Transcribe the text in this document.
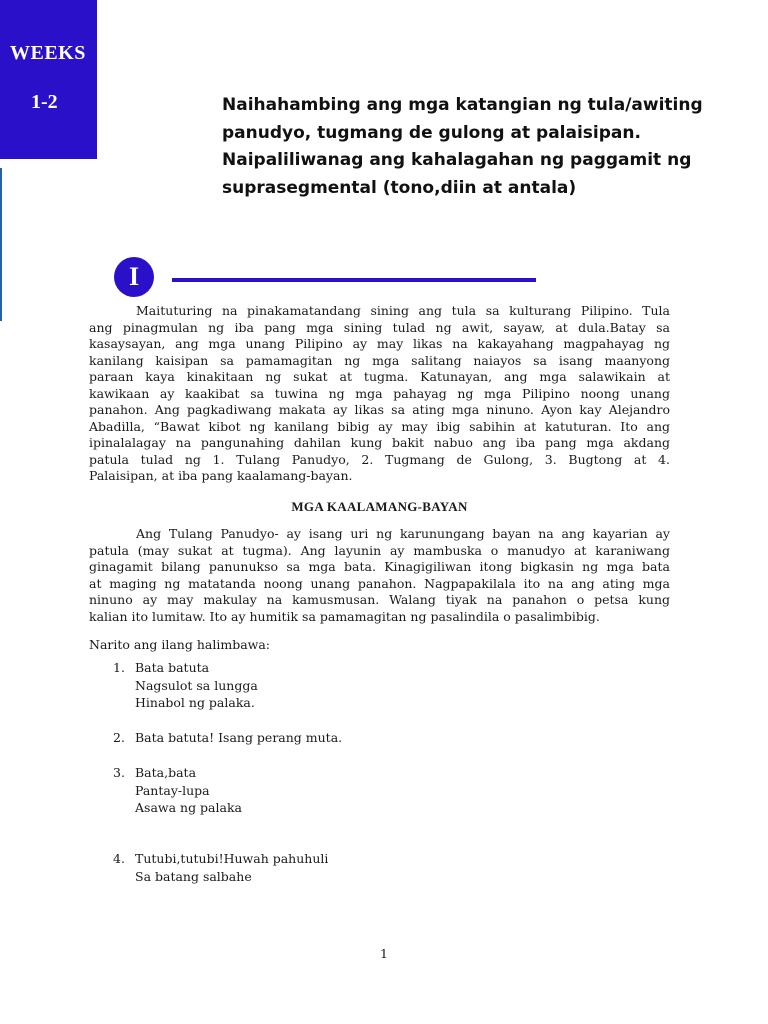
WEEKS
1-2	Naihahambing ang mga katangian ng tula/awiting
panudyo, tugmang de gulong at palaisipan.
Naipaliliwanag ang kahalagahan ng paggamit ng
suprasegmental (tono,diin at antala)
I
Maituturing na pinakamatandang sining ang tula sa kulturang Pilipino. Tula
ang pinagmulan ng iba pang mga sining tulad ng awit, sayaw, at dula.Batay sa
kasaysayan, ang mga unang Pilipino ay may likas na kakayahang magpahayag ng
kanilang kaisipan sa pamamagitan ng mga salitang naiayos sa isang maanyong
paraan kaya kinakitaan ng sukat at tugma. Katunayan, ang mga salawikain at
kawikaan ay kaakibat sa tuwina ng mga pahayag ng mga Pilipino noong unang
panahon. Ang pagkadiwang makata ay likas sa ating mga ninuno. Ayon kay Alejandro
Abadilla, “Bawat kibot ng kanilang bibig ay may ibig sabihin at katuturan. Ito ang
ipinalalagay na pangunahing dahilan kung bakit nabuo ang iba pang mga akdang
patula tulad ng 1. Tulang Panudyo, 2. Tugmang de Gulong, 3. Bugtong at 4.
Palaisipan, at iba pang kaalamang-bayan.
MGA KAALAMANG-BAYAN
Ang Tulang Panudyo- ay isang uri ng karunungang bayan na ang kayarian ay
patula (may sukat at tugma). Ang layunin ay mambuska o manudyo at karaniwang
ginagamit bilang panunukso sa mga bata. Kinagigiliwan itong bigkasin ng mga bata
at maging ng matatanda noong unang panahon. Nagpapakilala ito na ang ating mga
ninuno ay may makulay na kamusmusan. Walang tiyak na panahon o petsa kung
kalian ito lumitaw. Ito ay humitik sa pamamagitan ng pasalindila o pasalimbibig.
Narito ang ilang halimbawa:
1. Bata batuta
Nagsulot sa lungga
Hinabol ng palaka.
2. Bata batuta! Isang perang muta.
3. Bata,bata
Pantay-lupa
Asawa ng palaka
4. Tutubi,tutubi!Huwah pahuhuli
Sa batang salbahe
1
